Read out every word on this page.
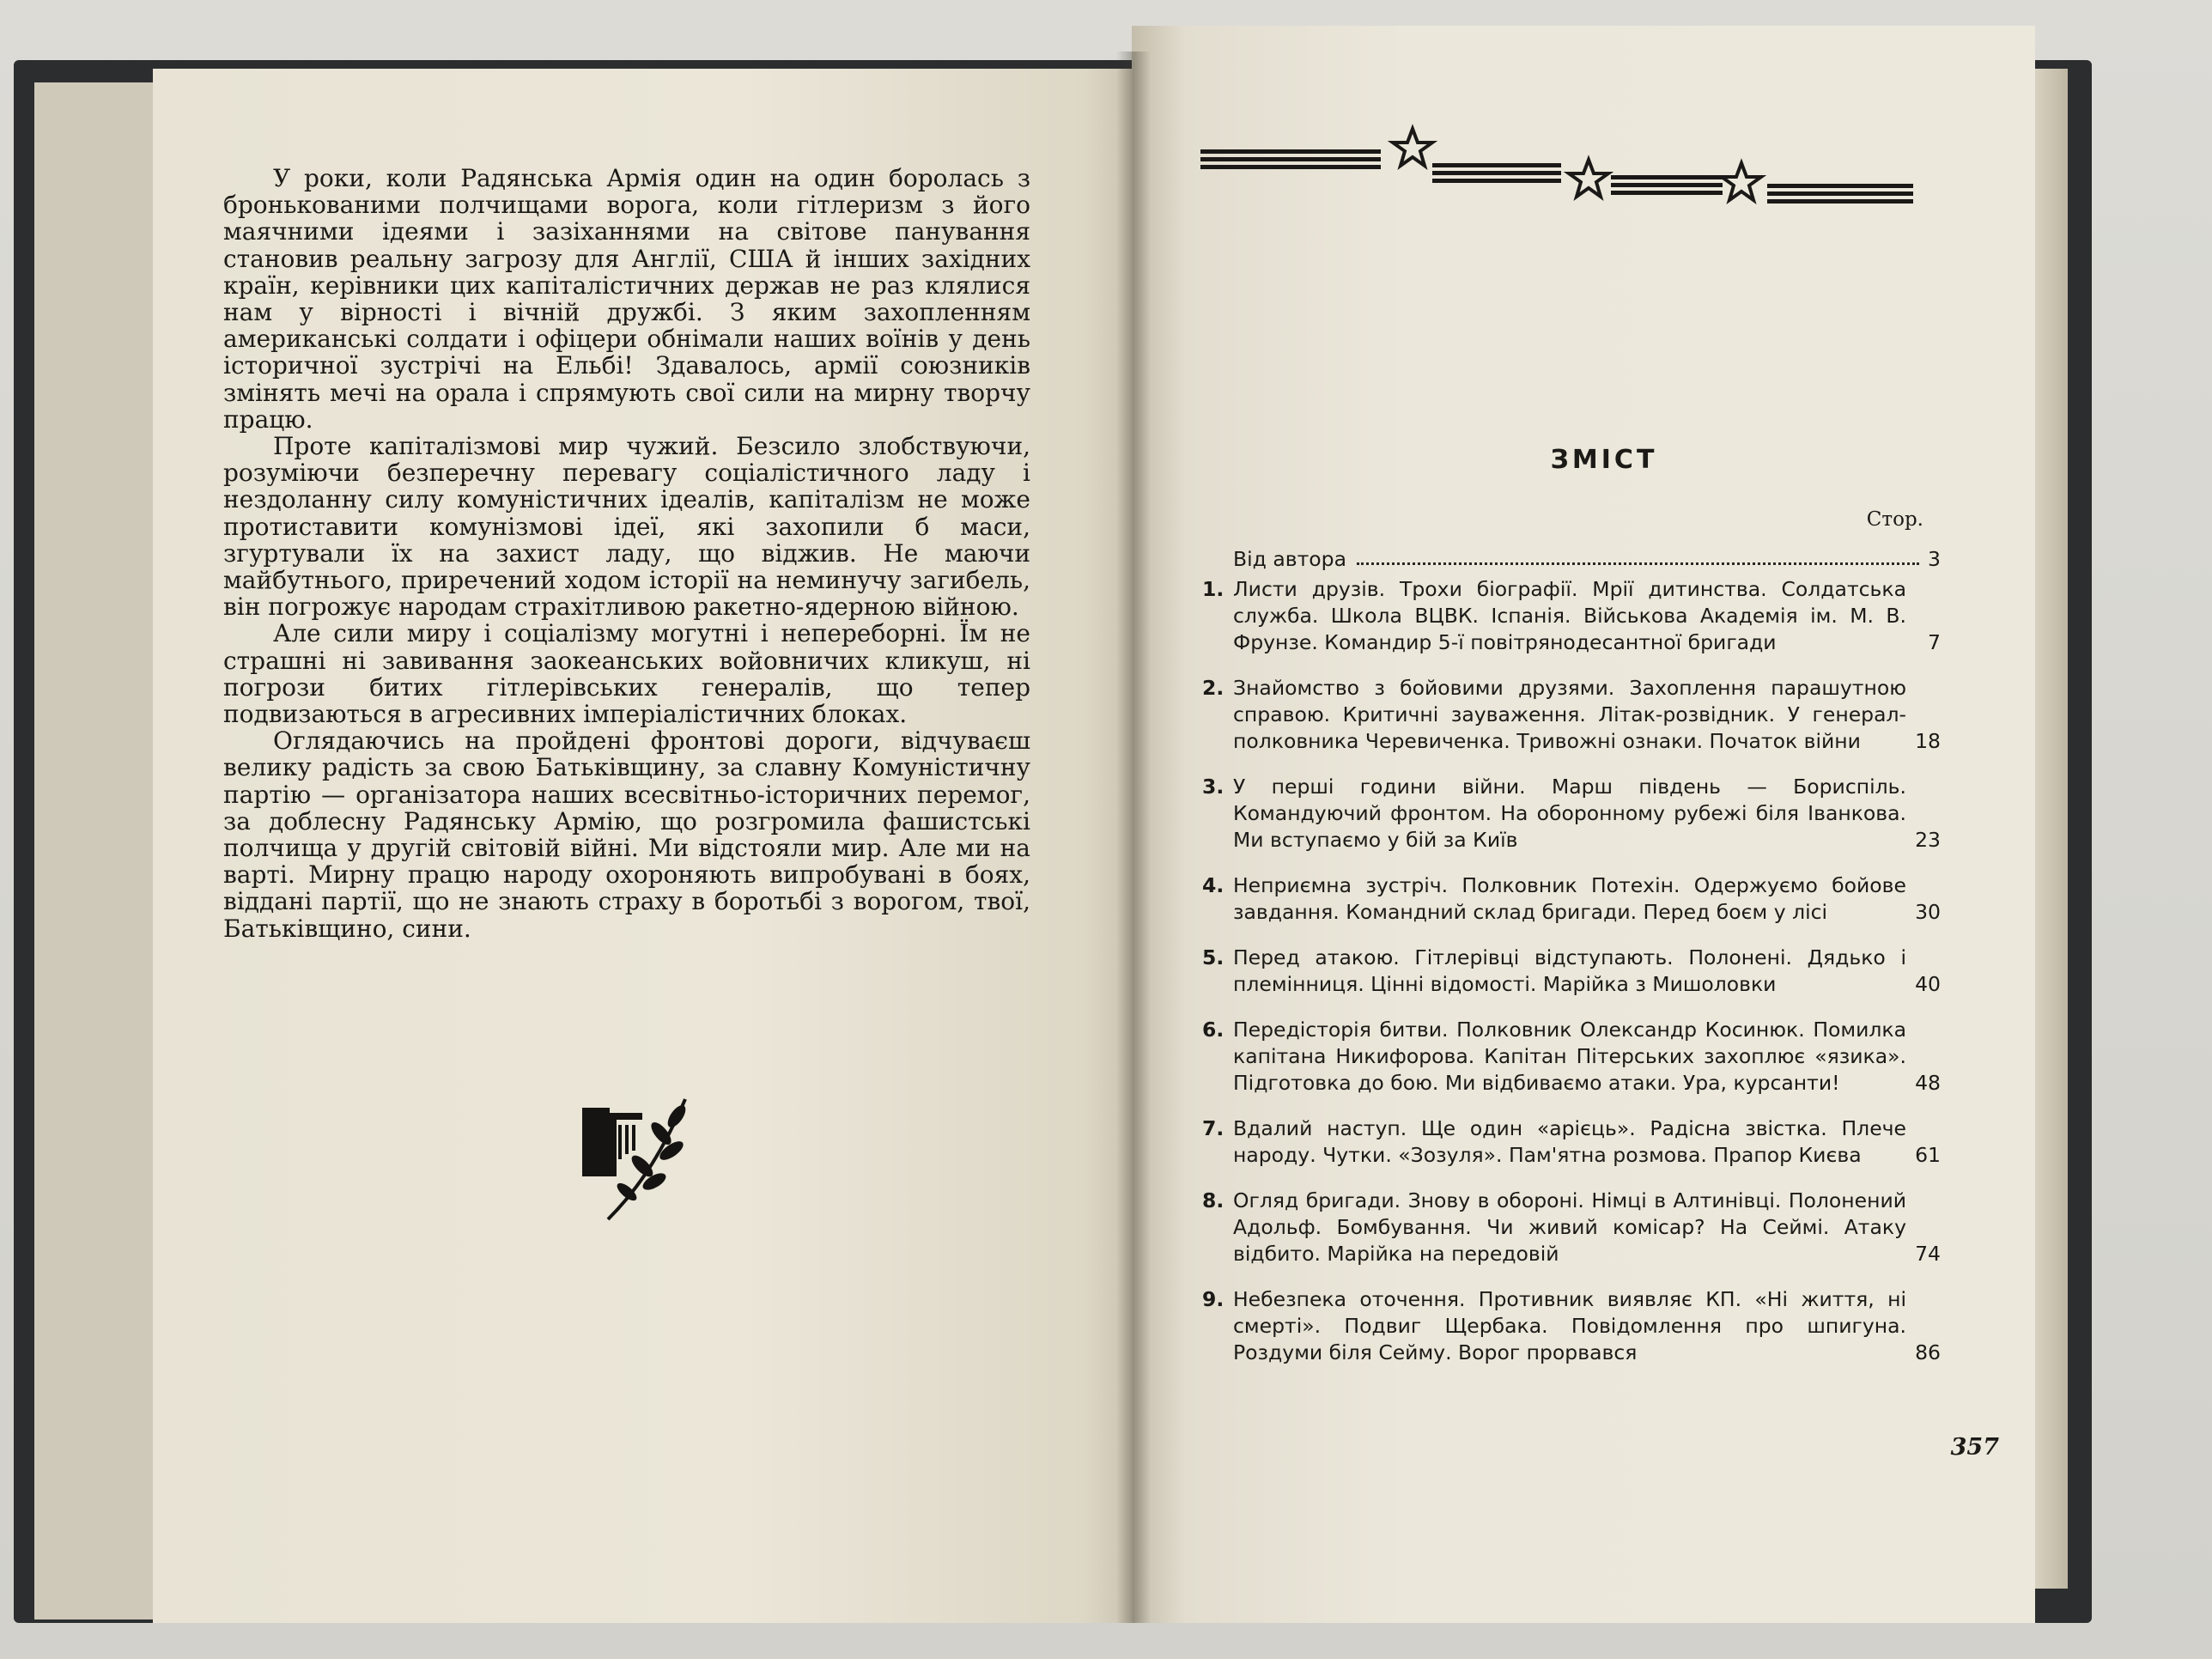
У роки, коли Радянська Армія один на один боролась з бронькованими полчищами ворога, коли гітлеризм з його маячними ідеями і зазіханнями на світове панування становив реальну загрозу для Англії, США й інших західних країн, керівники цих капіталістичних держав не раз клялися нам у вірності і вічній дружбі. З яким захопленням американські солдати і офіцери обнімали наших воїнів у день історичної зустрічі на Ельбі! Здавалось, армії союзників змінять мечі на орала і спрямують свої сили на мирну творчу працю.

Проте капіталізмові мир чужий. Безсило злобствуючи, розуміючи безперечну перевагу соціалістичного ладу і нездоланну силу комуністичних ідеалів, капіталізм не може протиставити комунізмові ідеї, які захопили б маси, згуртували їх на захист ладу, що віджив. Не маючи майбутнього, приречений ходом історії на неминучу загибель, він погрожує народам страхітливою ракетно-ядерною війною.

Але сили миру і соціалізму могутні і непереборні. Їм не страшні ні завивання заокеанських войовничих кликуш, ні погрози битих гітлерівських генералів, що тепер подвизаються в агресивних імперіалістичних блоках.

Оглядаючись на пройдені фронтові дороги, відчуваєш велику радість за свою Батьківщину, за славну Комуністичну партію — організатора наших всесвітньо-історичних перемог, за доблесну Радянську Армію, що розгромила фашистські полчища у другій світовій війні. Ми відстояли мир. Але ми на варті. Мирну працю народу охороняють випробувані в боях, віддані партії, що не знають страху в боротьбі з ворогом, твої, Батьківщино, сини.

ЗМІСТ
Стор.
Від автора	3
1. Листи друзів. Трохи біографії. Мрії дитинства. Солдатська служба. Школа ВЦВК. Іспанія. Військова Академія ім. М. В. Фрунзе. Командир 5-ї повітрянодесантної бригади	7
2. Знайомство з бойовими друзями. Захоплення парашутною справою. Критичні зауваження. Літак-розвідник. У генерал-полковника Черевиченка. Тривожні ознаки. Початок війни	18
3. У перші години війни. Марш південь — Бориспіль. Командуючий фронтом. На оборонному рубежі біля Іванкова. Ми вступаємо у бій за Київ	23
4. Неприємна зустріч. Полковник Потехін. Одержуємо бойове завдання. Командний склад бригади. Перед боєм у лісі	30
5. Перед атакою. Гітлерівці відступають. Полонені. Дядько і племінниця. Цінні відомості. Марійка з Мишоловки	40
6. Передісторія битви. Полковник Олександр Косинюк. Помилка капітана Никифорова. Капітан Пітерських захоплює «язика». Підготовка до бою. Ми відбиваємо атаки. Ура, курсанти!	48
7. Вдалий наступ. Ще один «арієць». Радісна звістка. Плече народу. Чутки. «Зозуля». Пам'ятна розмова. Прапор Києва	61
8. Огляд бригади. Знову в обороні. Німці в Алтинівці. Полонений Адольф. Бомбування. Чи живий комісар? На Сеймі. Атаку відбито. Марійка на передовій	74
9. Небезпека оточення. Противник виявляє КП. «Ні життя, ні смерті». Подвиг Щербака. Повідомлення про шпигуна. Роздуми біля Сейму. Ворог прорвався	86
357
